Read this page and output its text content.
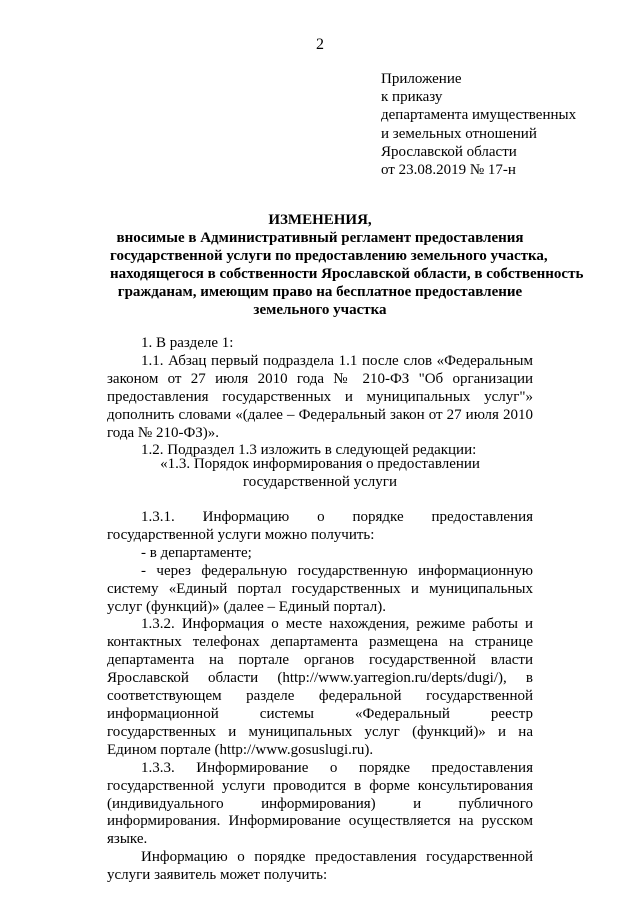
2
Приложение
к приказу
департамента имущественных
и земельных отношений
Ярославской области
от 23.08.2019 № 17-н
ИЗМЕНЕНИЯ,
вносимые в Административный регламент предоставления
государственной услуги по предоставлению земельного участка,
находящегося в собственности Ярославской области, в собственность
гражданам, имеющим право на бесплатное предоставление
земельного участка

1. В разделе 1:

1.1. Абзац первый подраздела 1.1 после слов «Федеральным законом от 27 июля 2010 года № 210-ФЗ "Об организации предоставления государственных и муниципальных услуг"» дополнить словами «(далее – Федеральный закон от 27 июля 2010 года № 210-ФЗ)».

1.2. Подраздел 1.3 изложить в следующей редакции:

«1.3. Порядок информирования о предоставлении
государственной услуги

1.3.1. Информацию о порядке предоставления государственной услуги можно получить:

- в департаменте;

- через федеральную государственную информационную систему «Единый портал государственных и муниципальных услуг (функций)» (далее – Единый портал).

1.3.2. Информация о месте нахождения, режиме работы и контактных телефонах департамента размещена на странице департамента на портале органов государственной власти Ярославской области (http://www.yarregion.ru/depts/dugi/), в соответствующем разделе федеральной государственной информационной системы «Федеральный реестр государственных и муниципальных услуг (функций)» и на Едином портале (http://www.gosuslugi.ru).

1.3.3. Информирование о порядке предоставления государственной услуги проводится в форме консультирования (индивидуального информирования) и публичного информирования. Информирование осуществляется на русском языке.

Информацию о порядке предоставления государственной услуги заявитель может получить:
